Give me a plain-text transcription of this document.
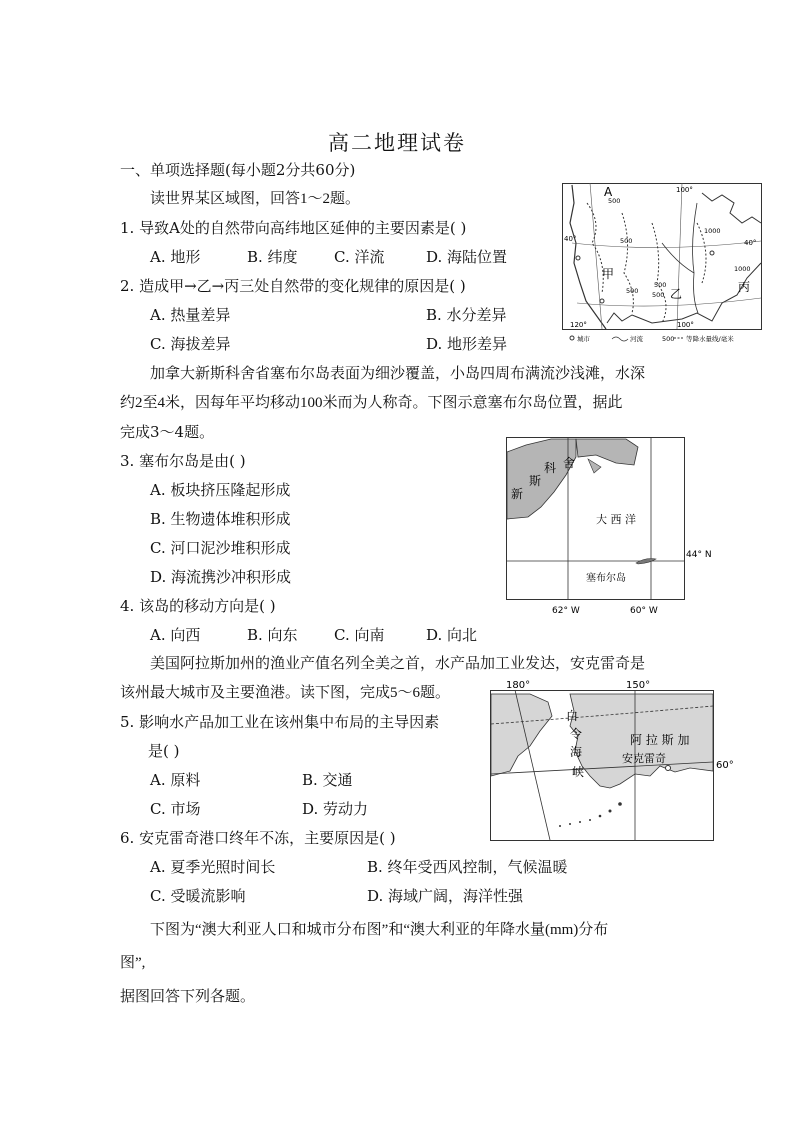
高二地理试卷
一、单项选择题(每小题2分共60分)
读世界某区域图，回答1～2题。
1. 导致A处的自然带向高纬地区延伸的主要因素是( )
A. 地形	B. 纬度 C. 洋流	D. 海陆位置
2. 造成甲→乙→丙三处自然带的变化规律的原因是( )
A. 热量差异	B. 水分差异
C. 海拔差异	D. 地形差异
加拿大新斯科舍省塞布尔岛表面为细沙覆盖，小岛四周布满流沙浅滩，水深
约2至4米，因每年平均移动100米而为人称奇。下图示意塞布尔岛位置，据此
完成3～4题。
3. 塞布尔岛是由( )
A. 板块挤压隆起形成
B. 生物遗体堆积形成
C. 河口泥沙堆积形成
D. 海流携沙冲积形成
4. 该岛的移动方向是( )
A. 向西	B. 向东 C. 向南	D. 向北
美国阿拉斯加州的渔业产值名列全美之首，水产品加工业发达，安克雷奇是
该州最大城市及主要渔港。读下图，完成5～6题。
5. 影响水产品加工业在该州集中布局的主导因素
是( )
A. 原料	B. 交通
C. 市场	D. 劳动力
6. 安克雷奇港口终年不冻，主要原因是( )
A. 夏季光照时间长	B. 终年受西风控制，气候温暖
C. 受暖流影响	D. 海域广阔，海洋性强
下图为“澳大利亚人口和城市分布图”和“澳大利亚的年降水量(mm)分布
图”,
据图回答下列各题。
A
甲
乙	丙
100°
120°	100°
40°	40°
500
500
500
500
1000
1000
500
城市	河流	500 等降水量线/毫米
新
斯
科 舍
大 西 洋
塞布尔岛
44° N
62° W	60° W
180°	150°
60°
白
令
海
峡
阿 拉 斯 加
安克雷奇
